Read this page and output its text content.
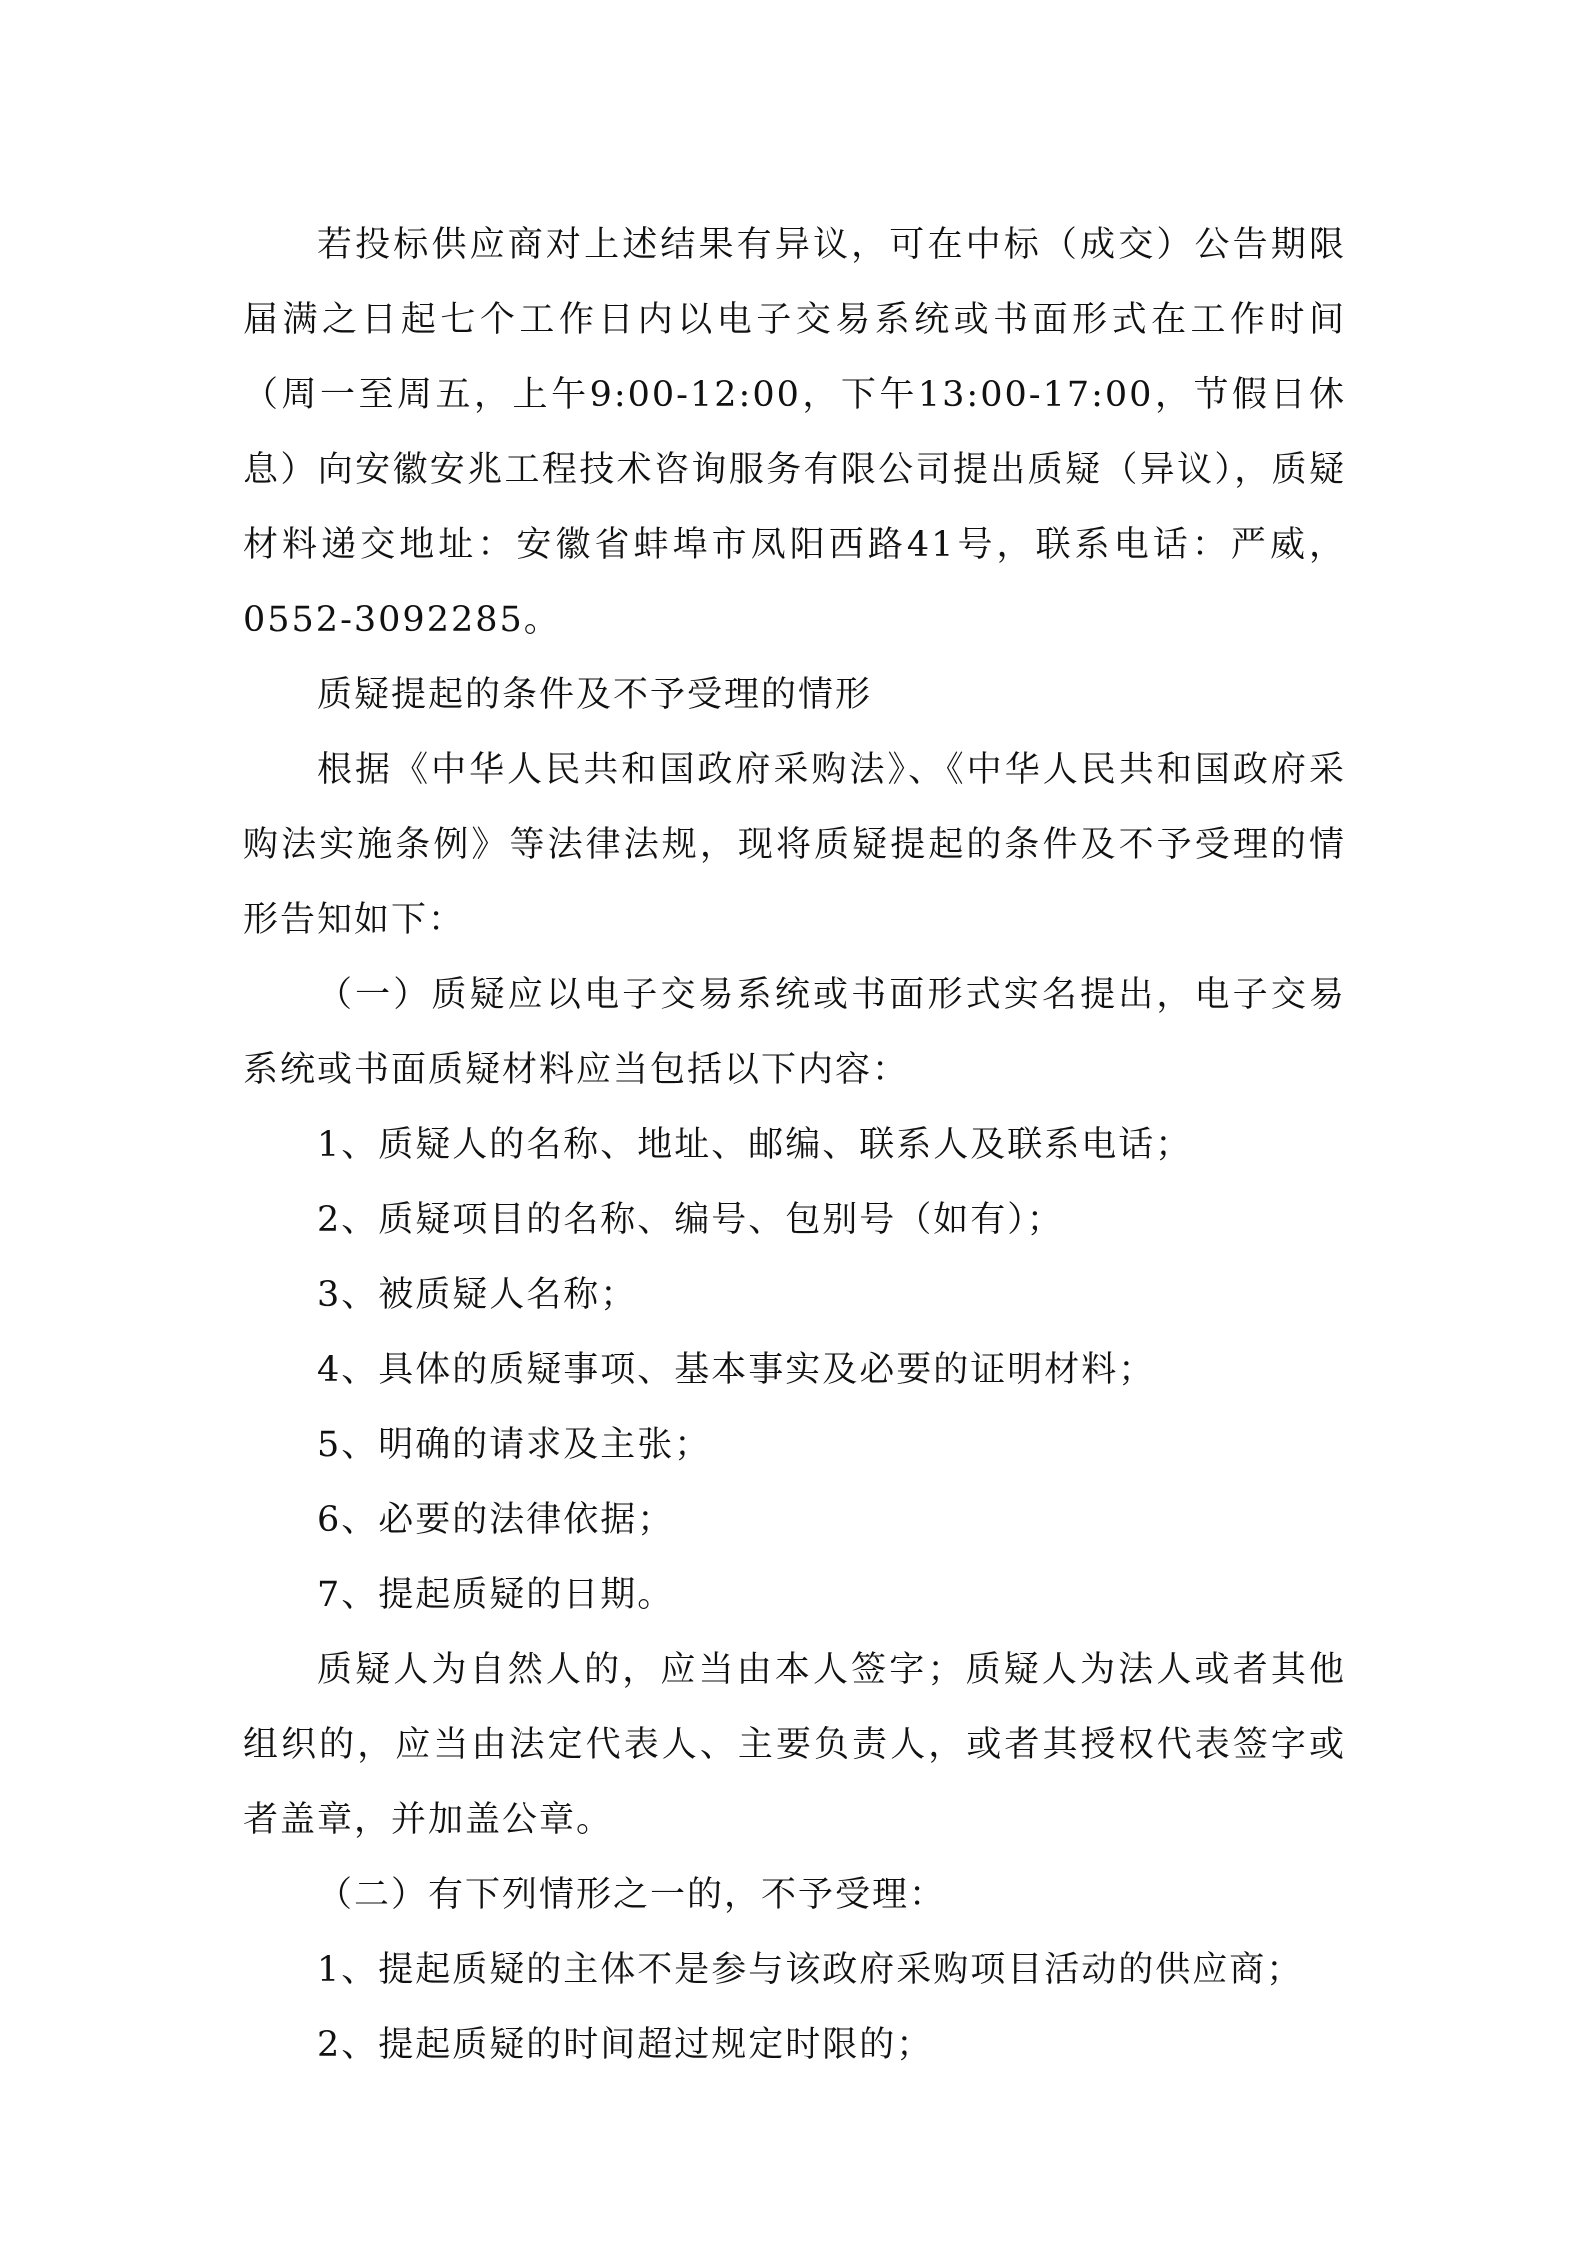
若投标供应商对上述结果有异议，可在中标（成交）公告期限届满之日起七个工作日内以电子交易系统或书面形式在工作时间（周一至周五，上午9:00-12:00，下午13:00-17:00，节假日休息）向安徽安兆工程技术咨询服务有限公司提出质疑（异议），质疑材料递交地址：安徽省蚌埠市凤阳西路41号，联系电话：严威，0552-3092285。

质疑提起的条件及不予受理的情形

根据《中华人民共和国政府采购法》、《中华人民共和国政府采购法实施条例》等法律法规，现将质疑提起的条件及不予受理的情形告知如下：

（一）质疑应以电子交易系统或书面形式实名提出，电子交易系统或书面质疑材料应当包括以下内容：

1、质疑人的名称、地址、邮编、联系人及联系电话；

2、质疑项目的名称、编号、包别号（如有）；

3、被质疑人名称；

4、具体的质疑事项、基本事实及必要的证明材料；

5、明确的请求及主张；

6、必要的法律依据；

7、提起质疑的日期。

质疑人为自然人的，应当由本人签字；质疑人为法人或者其他组织的，应当由法定代表人、主要负责人，或者其授权代表签字或者盖章，并加盖公章。

（二）有下列情形之一的，不予受理：

1、提起质疑的主体不是参与该政府采购项目活动的供应商；

2、提起质疑的时间超过规定时限的；
